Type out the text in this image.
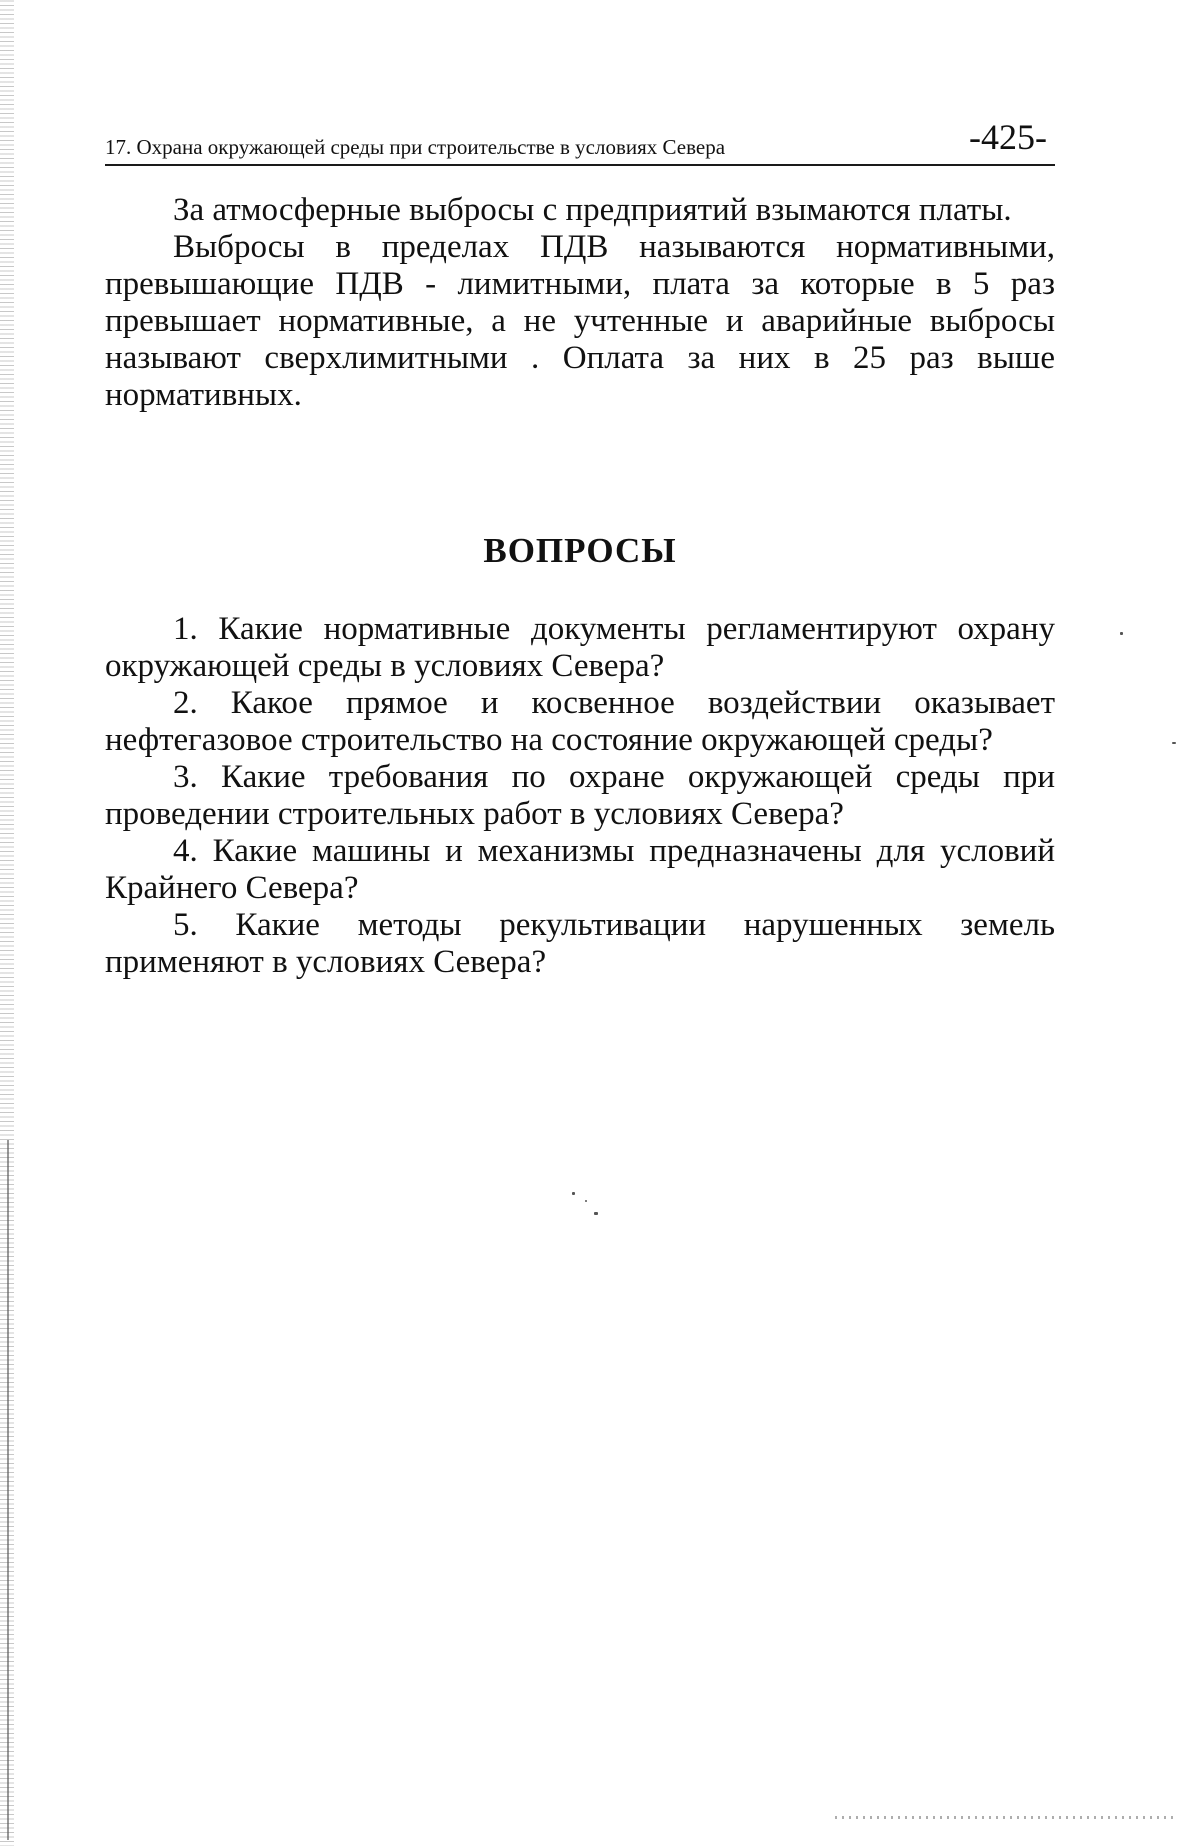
17. Охрана окружающей среды при строительстве в условиях Севера	-425-

За атмосферные выбросы с предприятий взымаются платы.

Выбросы в пределах ПДВ называются нормативными, превышающие ПДВ - лимитными, плата за которые в 5 раз превышает нормативные, а не учтенные и аварийные выбросы называют сверхлимитными . Оплата за них в 25 раз выше нормативных.

ВОПРОСЫ

1. Какие нормативные документы регламентируют охрану окружающей среды в условиях Севера?

2. Какое прямое и косвенное воздействии оказывает нефтегазовое строительство на состояние окружающей среды?

3. Какие требования по охране окружающей среды при проведении строительных работ в условиях Севера?

4. Какие машины и механизмы предназначены для условий Крайнего Севера?

5. Какие методы рекультивации нарушенных земель применяют в условиях Севера?
